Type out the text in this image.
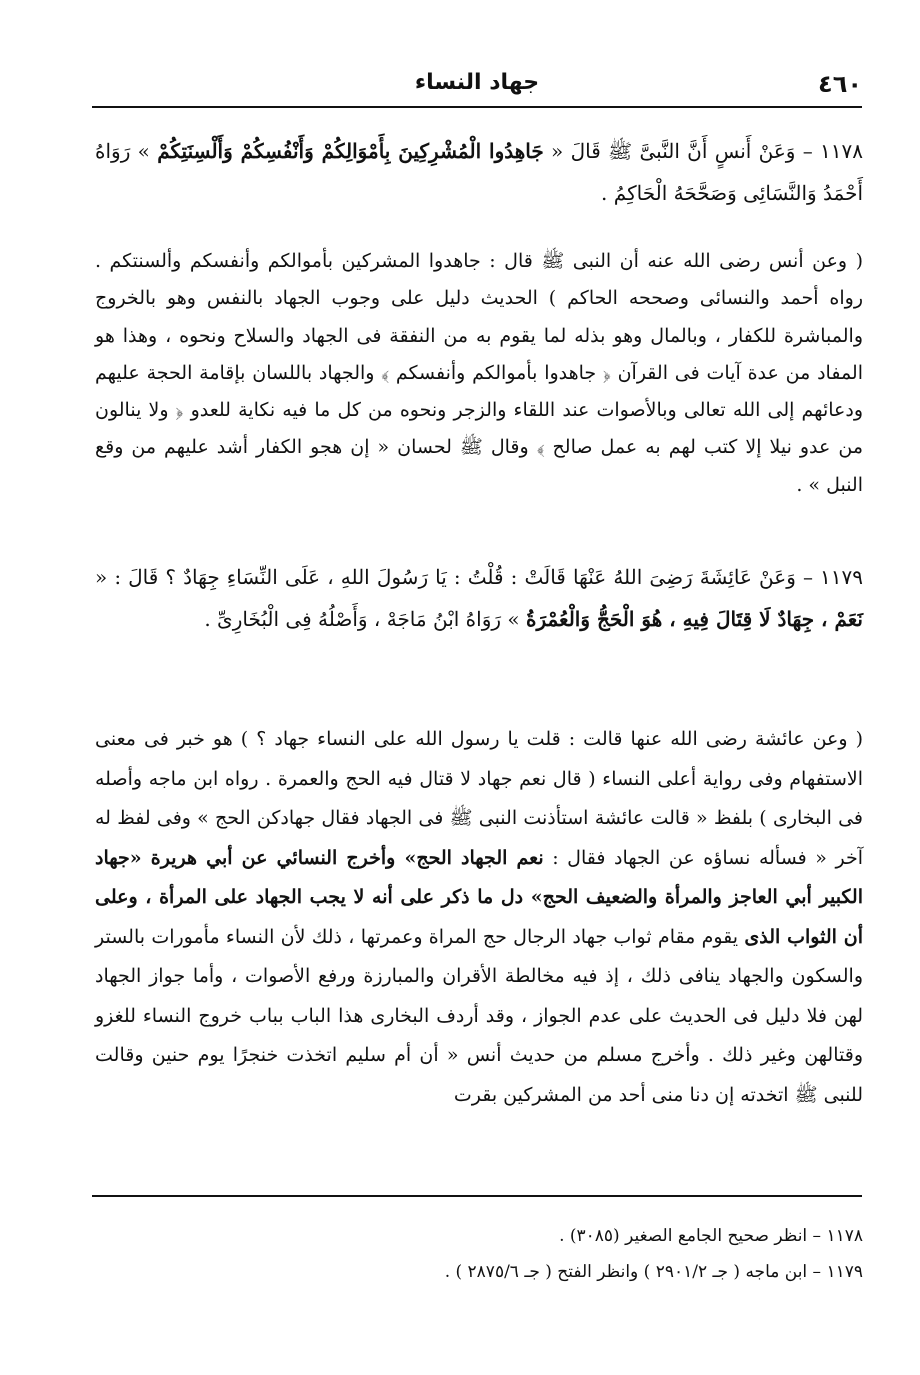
٤٦٠
جهاد النساء
١١٧٨ – وَعَنْ أَنسٍ أَنَّ النَّبىَّ ﷺ قَالَ « جَاهِدُوا الْمُشْرِكِينَ بِأَمْوَالِكُمْ وَأَنْفُسِكُمْ وَأَلْسِنَتِكُمْ » رَوَاهُ أَحْمَدُ وَالنَّسَائِى وَصَحَّحَهُ الْحَاكِمُ .
( وعن أنس رضى الله عنه أن النبى ﷺ قال : جاهدوا المشركين بأموالكم وأنفسكم وألسنتكم . رواه أحمد والنسائى وصححه الحاكم ) الحديث دليل على وجوب الجهاد بالنفس وهو بالخروج والمباشرة للكفار ، وبالمال وهو بذله لما يقوم به من النفقة فى الجهاد والسلاح ونحوه ، وهذا هو المفاد من عدة آيات فى القرآن ﴿ جاهدوا بأموالكم وأنفسكم ﴾ والجهاد باللسان بإقامة الحجة عليهم ودعائهم إلى الله تعالى وبالأصوات عند اللقاء والزجر ونحوه من كل ما فيه نكاية للعدو ﴿ ولا ينالون من عدو نيلا إلا كتب لهم به عمل صالح ﴾ وقال ﷺ لحسان « إن هجو الكفار أشد عليهم من وقع النبل » .
١١٧٩ – وَعَنْ عَائِشَةَ رَضِىَ اللهُ عَنْهَا قَالَتْ : قُلْتُ : يَا رَسُولَ اللهِ ، عَلَى النِّسَاءِ جِهَادٌ ؟ قَالَ : « نَعَمْ ، جِهَادٌ لَا قِتَالَ فِيهِ ، هُوَ الْحَجُّ وَالْعُمْرَةُ » رَوَاهُ ابْنُ مَاجَهْ ، وَأَصْلُهُ فِى الْبُخَارِىِّ .
( وعن عائشة رضى الله عنها قالت : قلت يا رسول الله على النساء جهاد ؟ ) هو خبر فى معنى الاستفهام وفى رواية أعلى النساء ( قال نعم جهاد لا قتال فيه الحج والعمرة . رواه ابن ماجه وأصله فى البخارى ) بلفظ « قالت عائشة استأذنت النبى ﷺ فى الجهاد فقال جهادكن الحج » وفى لفظ له آخر « فسأله نساؤه عن الجهاد فقال : نعم الجهاد الحج» وأخرج النسائي عن أبي هريرة «جهاد الكبير أبي العاجز والمرأة والضعيف الحج» دل ما ذكر على أنه لا يجب الجهاد على المرأة ، وعلى أن الثواب الذى يقوم مقام ثواب جهاد الرجال حج المراة وعمرتها ، ذلك لأن النساء مأمورات بالستر والسكون والجهاد ينافى ذلك ، إذ فيه مخالطة الأقران والمبارزة ورفع الأصوات ، وأما جواز الجهاد لهن فلا دليل فى الحديث على عدم الجواز ، وقد أردف البخارى هذا الباب بباب خروج النساء للغزو وقتالهن وغير ذلك . وأخرج مسلم من حديث أنس « أن أم سليم اتخذت خنجرًا يوم حنين وقالت للنبى ﷺ اتخدته إن دنا منى أحد من المشركين بقرت
١١٧٨ – انظر صحيح الجامع الصغير (٣٠٨٥) .
١١٧٩ – ابن ماجه ( جـ ٢٩٠١/٢ ) وانظر الفتح ( جـ ٢٨٧٥/٦ ) .
